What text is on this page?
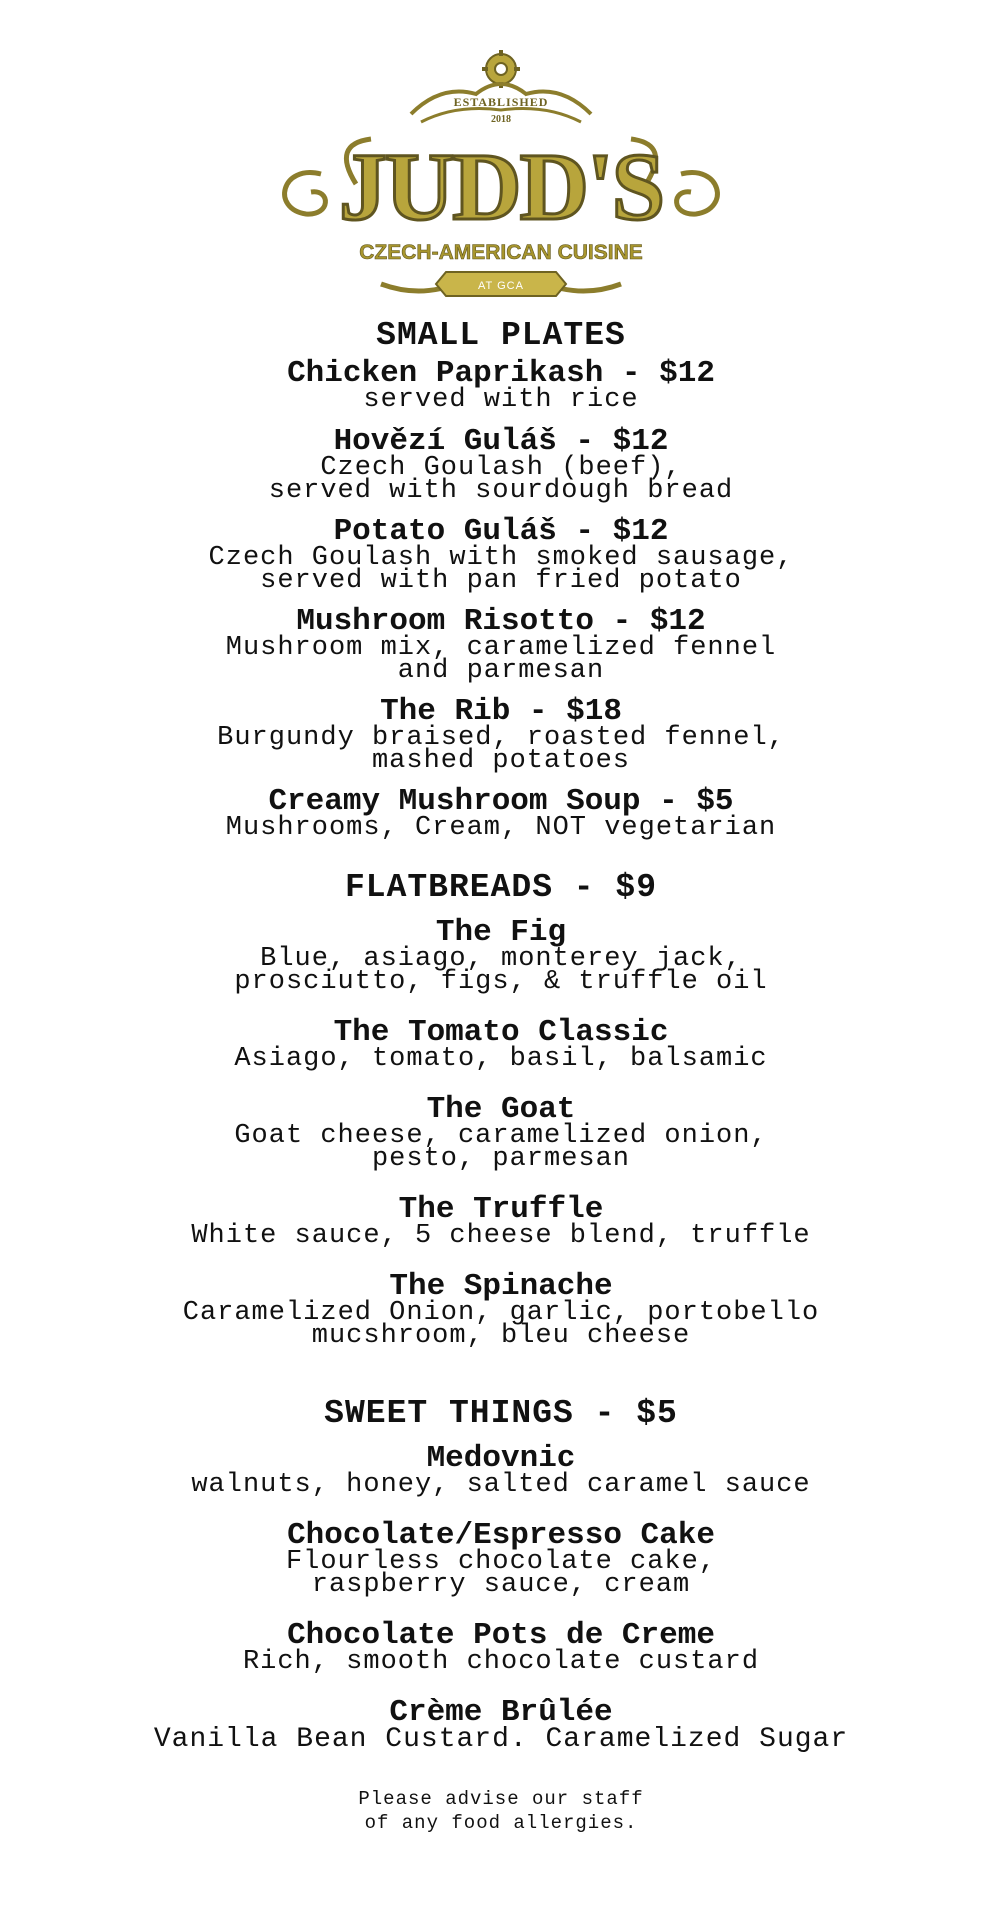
ESTABLISHED
2018
JUDD'S
CZECH-AMERICAN CUISINE
AT GCA
SMALL PLATES

Chicken Paprikash - $12

served with rice

Hovězí Guláš - $12

Czech Goulash (beef),

served with sourdough bread

Potato Guláš - $12

Czech Goulash with smoked sausage,

served with pan fried potato

Mushroom Risotto - $12

Mushroom mix, caramelized fennel

and parmesan

The Rib - $18

Burgundy braised, roasted fennel,

mashed potatoes

Creamy Mushroom Soup - $5

Mushrooms, Cream, NOT vegetarian

FLATBREADS - $9

The Fig

Blue, asiago, monterey jack,

prosciutto, figs, & truffle oil

The Tomato Classic

Asiago, tomato, basil, balsamic

The Goat

Goat cheese, caramelized onion,

pesto, parmesan

The Truffle

White sauce, 5 cheese blend, truffle

The Spinache

Caramelized Onion, garlic, portobello

mucshroom, bleu cheese

SWEET THINGS - $5

Medovnic

walnuts, honey, salted caramel sauce

Chocolate/Espresso Cake

Flourless chocolate cake,

raspberry sauce, cream

Chocolate Pots de Creme

Rich, smooth chocolate custard

Crème Brûlée

Vanilla Bean Custard. Caramelized Sugar

Please advise our staff

of any food allergies.
